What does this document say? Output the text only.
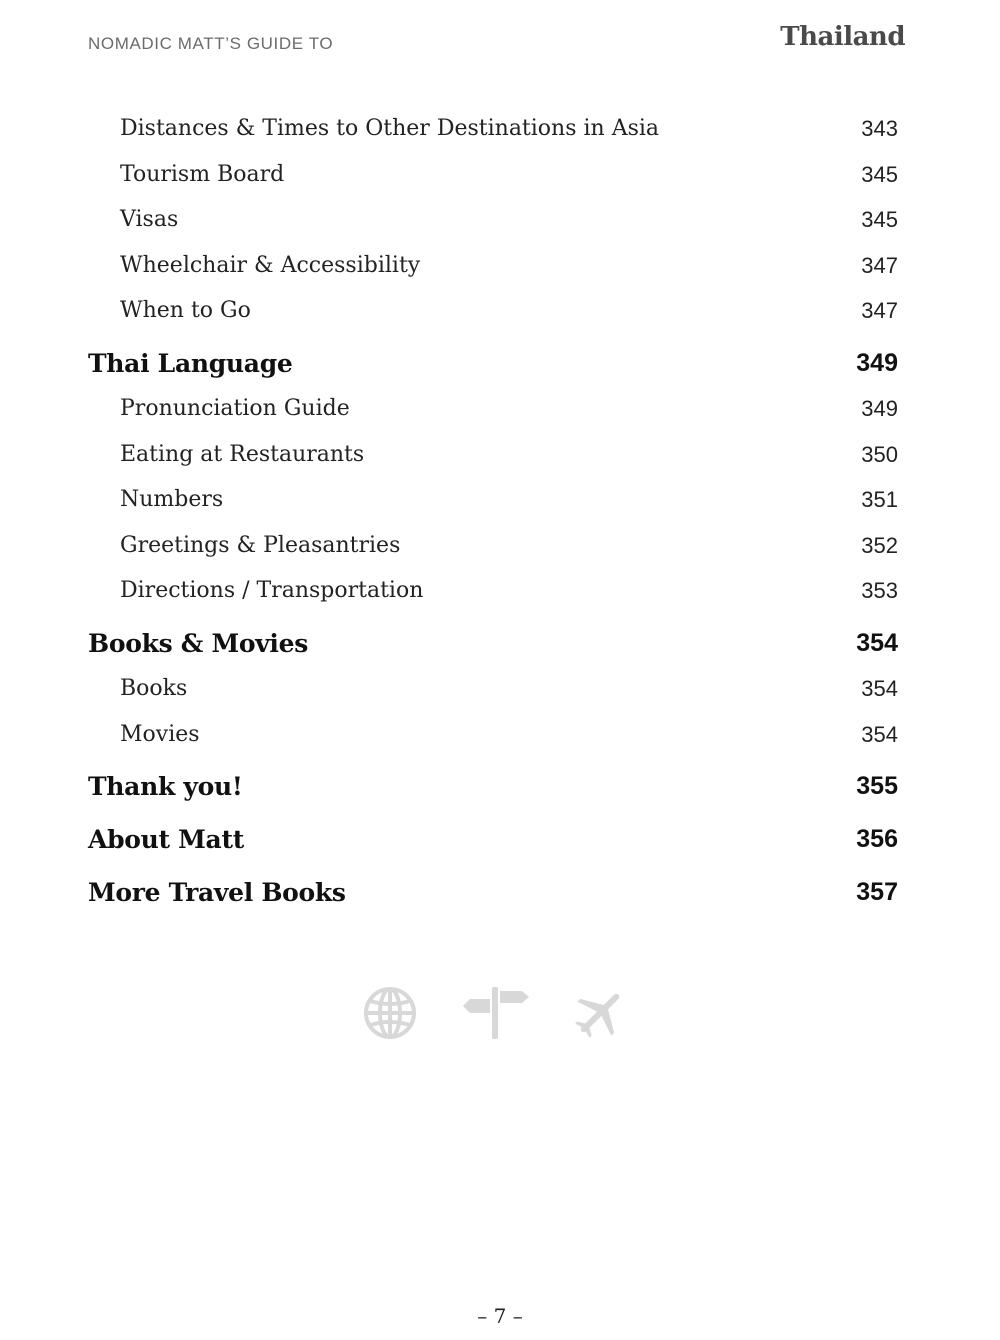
NOMADIC MATT’S GUIDE TO	Thailand
Distances & Times to Other Destinations in Asia	343
Tourism Board	345
Visas	345
Wheelchair & Accessibility	347
When to Go	347
Thai Language	349
Pronunciation Guide	349
Eating at Restaurants	350
Numbers	351
Greetings & Pleasantries	352
Directions / Transportation	353
Books & Movies	354
Books	354
Movies	354
Thank you!	355
About Matt	356
More Travel Books	357
– 7 –
